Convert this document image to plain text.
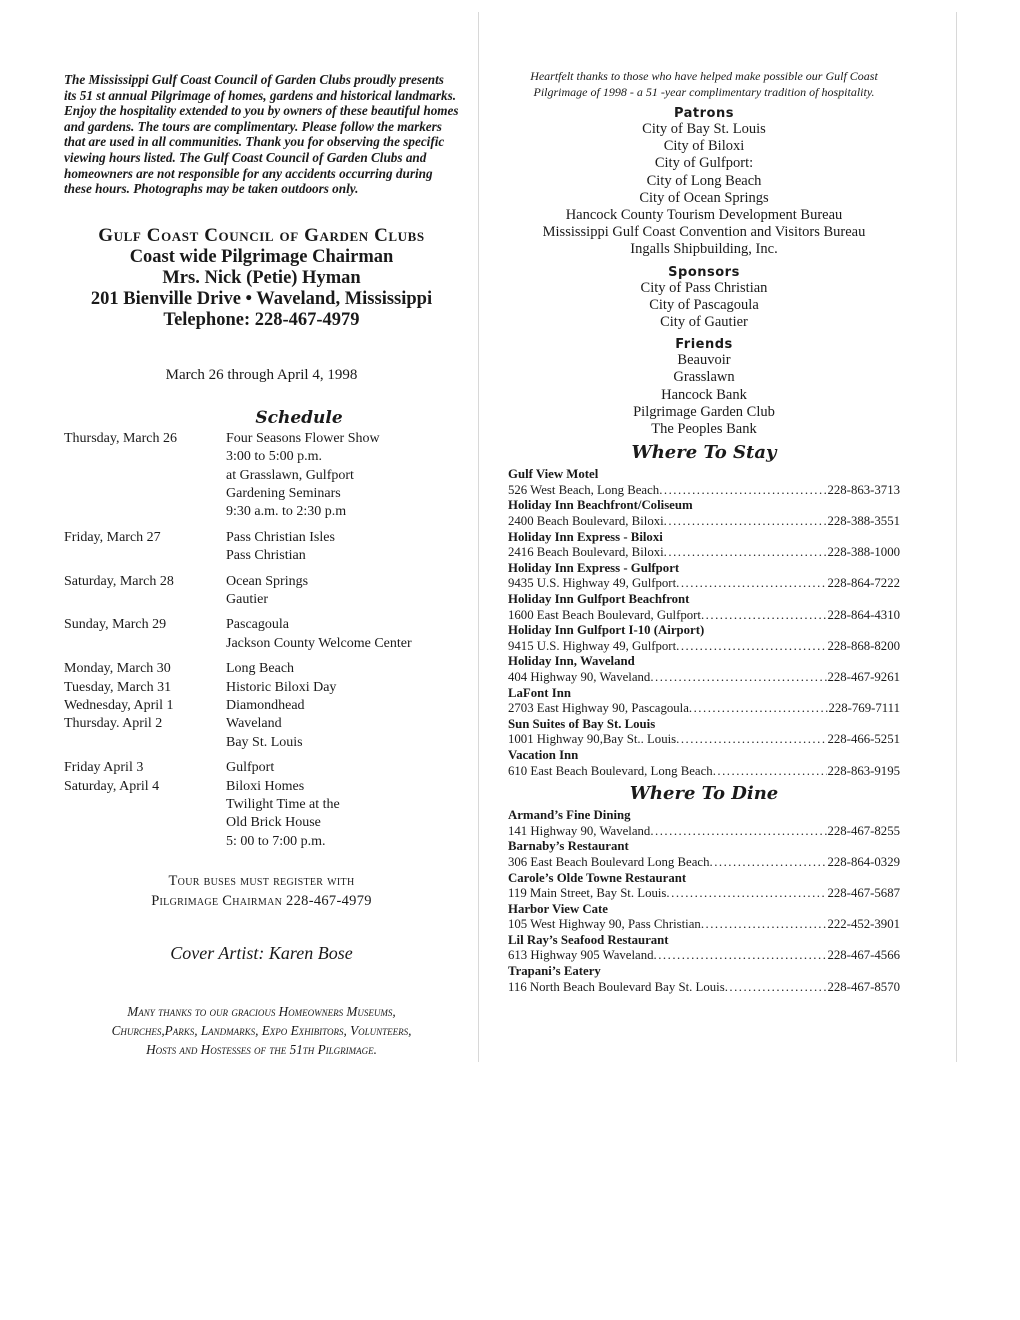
The Mississippi Gulf Coast Council of Garden Clubs proudly presents its 51 st annual Pilgrimage of homes, gardens and historical landmarks. Enjoy the hospitality extended to you by owners of these beautiful homes and gardens. The tours are complimentary. Please follow the markers that are used in all communities. Thank you for observing the specific viewing hours listed. The Gulf Coast Council of Garden Clubs and homeowners are not responsible for any accidents occurring during these hours. Photographs may be taken outdoors only.

Gulf Coast Council of Garden Clubs
Coast wide Pilgrimage Chairman
Mrs. Nick (Petie) Hyman
201 Bienville Drive • Waveland, Mississippi
Telephone: 228-467-4979
March 26 through April 4, 1998
Schedule
Thursday, March 26	Four Seasons Flower Show
3:00 to 5:00 p.m.
at Grasslawn, Gulfport
Gardening Seminars
9:30 a.m. to 2:30 p.m
Friday, March 27	Pass Christian Isles
Pass Christian
Saturday, March 28	Ocean Springs
Gautier
Sunday, March 29	Pascagoula
Jackson County Welcome Center
Monday, March 30	Long Beach
Tuesday, March 31	Historic Biloxi Day
Wednesday, April 1	Diamondhead
Thursday. April 2	Waveland
Bay St. Louis
Friday April 3	Gulfport
Saturday, April 4	Biloxi Homes
Twilight Time at the
Old Brick House
5: 00 to 7:00 p.m.
Tour buses must register with
Pilgrimage Chairman 228-467-4979
Cover Artist: Karen Bose
Many thanks to our gracious Homeowners Museums,
Churches,Parks, Landmarks, Expo Exhibitors, Volunteers,
Hosts and Hostesses of the 51th Pilgrimage.
Heartfelt thanks to those who have helped make possible our Gulf Coast
Pilgrimage of 1998 - a 51 -year complimentary tradition of hospitality.
Patrons
City of Bay St. Louis
City of Biloxi
City of Gulfport:
City of Long Beach
City of Ocean Springs
Hancock County Tourism Development Bureau
Mississippi Gulf Coast Convention and Visitors Bureau
Ingalls Shipbuilding, Inc.
Sponsors
City of Pass Christian
City of Pascagoula
City of Gautier
Friends
Beauvoir
Grasslawn
Hancock Bank
Pilgrimage Garden Club
The Peoples Bank
Where To Stay
Gulf View Motel
526 West Beach, Long Beach .....	228-863-3713
Holiday Inn Beachfront/Coliseum
2400 Beach Boulevard, Biloxi .....	228-388-3551
Holiday Inn Express - Biloxi
2416 Beach Boulevard, Biloxi .....	228-388-1000
Holiday Inn Express - Gulfport
9435 U.S. Highway 49, Gulfport .....	228-864-7222
Holiday Inn Gulfport Beachfront
1600 East Beach Boulevard, Gulfport .....	228-864-4310
Holiday Inn Gulfport I-10 (Airport)
9415 U.S. Highway 49, Gulfport .....	228-868-8200
Holiday Inn, Waveland
404 Highway 90, Waveland .....	228-467-9261
LaFont Inn
2703 East Highway 90, Pascagoula .....	228-769-7111
Sun Suites of Bay St. Louis
1001 Highway 90,Bay St.. Louis .....	228-466-5251
Vacation Inn
610 East Beach Boulevard, Long Beach .....	228-863-9195
Where To Dine
Armand’s Fine Dining
141 Highway 90, Waveland .....	228-467-8255
Barnaby’s Restaurant
306 East Beach Boulevard Long Beach .....	228-864-0329
Carole’s Olde Towne Restaurant
119 Main Street, Bay St. Louis .....	228-467-5687
Harbor View Cate
105 West Highway 90, Pass Christian .....	222-452-3901
Lil Ray’s Seafood Restaurant
613 Highway 905 Waveland .....	228-467-4566
Trapani’s Eatery
116 North Beach Boulevard Bay St. Louis .....	228-467-8570
